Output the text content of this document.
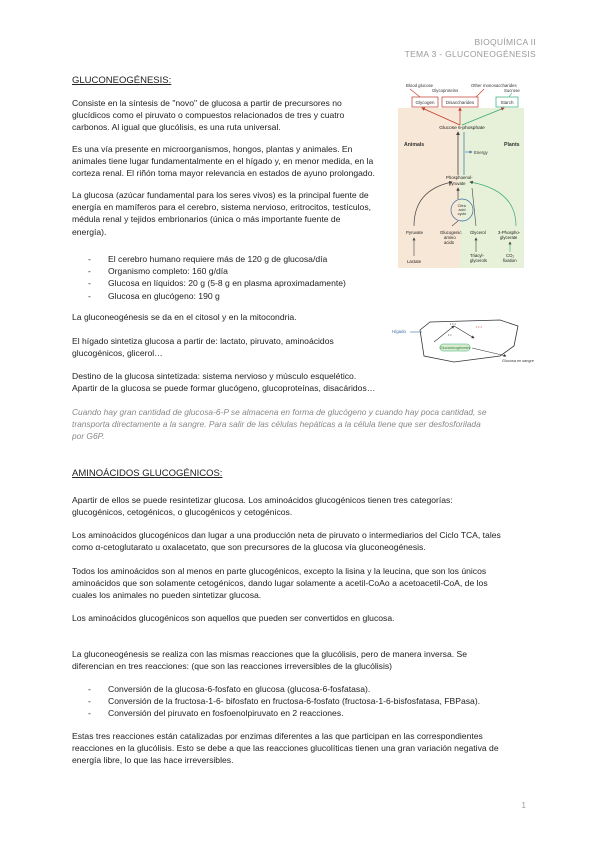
BIOQUÍMICA II
TEMA 3 - GLUCONEOGÉNESIS
GLUCONEOGÉNESIS:
Consiste en la síntesis de "novo" de glucosa a partir de precursores no
glucídicos como el piruvato o compuestos relacionados de tres y cuatro
carbonos. Al igual que glucólisis, es una ruta universal.
Es una vía presente en microorganismos, hongos, plantas y animales. En
animales tiene lugar fundamentalmente en el hígado y, en menor medida, en la
corteza renal. El riñón toma mayor relevancia en estados de ayuno prolongado.
La glucosa (azúcar fundamental para los seres vivos) es la principal fuente de
energía en mamíferos para el cerebro, sistema nervioso, eritrocitos, testículos,
médula renal y tejidos embrionarios (única o más importante fuente de
energía).
- El cerebro humano requiere más de 120 g de glucosa/día
- Organismo completo: 160 g/día
- Glucosa en líquidos: 20 g (5-8 g en plasma aproximadamente)
- Glucosa en glucógeno: 190 g
La gluconeogénesis se da en el citosol y en la mitocondria.
El hígado sintetiza glucosa a partir de: lactato, piruvato, aminoácidos
glucogénicos, glicerol…
Destino de la glucosa sintetizada: sistema nervioso y músculo esquelético.
Apartir de la glucosa se puede formar glucógeno, glucoproteínas, disacáridos…
Cuando hay gran cantidad de glucosa-6-P se almacena en forma de glucógeno y cuando hay poca cantidad, se
transporta directamente a la sangre. Para salir de las células hepáticas a la célula tiene que ser desfosforilada
por G6P.
Blood glucose
Glycoproteins
Other monosaccharides
Sucrose
Glycogen	Disaccharides	Starch
Glucose 6-phosphate
Animals	Plants
Energy
Phosphoenol-
pyruvate
Citric
acid
cycle
Pyruvate	Glucogenic
amino
acids
Glycerol	3-Phospho-
glycerate
Lactate
Triacyl-
glycerols
CO₂
fixation
Hígado
• • •
• • •
• •
Gluconeogénesis
Glucosa en sangre
AMINOÁCIDOS GLUCOGÉNICOS:
Apartir de ellos se puede resintetizar glucosa. Los aminoácidos glucogénicos tienen tres categorías:
glucogénicos, cetogénicos, o glucogénicos y cetogénicos.
Los aminoácidos glucogénicos dan lugar a una producción neta de piruvato o intermediarios del Ciclo TCA, tales
como α-cetoglutarato u oxalacetato, que son precursores de la glucosa vía gluconeogénesis.
Todos los aminoácidos son al menos en parte glucogénicos, excepto la lisina y la leucina, que son los únicos
aminoácidos que son solamente cetogénicos, dando lugar solamente a acetil-CoAo a acetoacetil-CoA, de los
cuales los animales no pueden sintetizar glucosa.
Los aminoácidos glucogénicos son aquellos que pueden ser convertidos en glucosa.
La gluconeogénesis se realiza con las mismas reacciones que la glucólisis, pero de manera inversa. Se
diferencian en tres reacciones: (que son las reacciones irreversibles de la glucólisis)
- Conversión de la glucosa-6-fosfato en glucosa (glucosa-6-fosfatasa).
- Conversión de la fructosa-1-6- bifosfato en fructosa-6-fosfato (fructosa-1-6-bisfosfatasa, FBPasa).
- Conversión del piruvato en fosfoenolpiruvato en 2 reacciones.
Estas tres reacciones están catalizadas por enzimas diferentes a las que participan en las correspondientes
reacciones en la glucólisis. Esto se debe a que las reacciones glucolíticas tienen una gran variación negativa de
energía libre, lo que las hace irreversibles.
1
